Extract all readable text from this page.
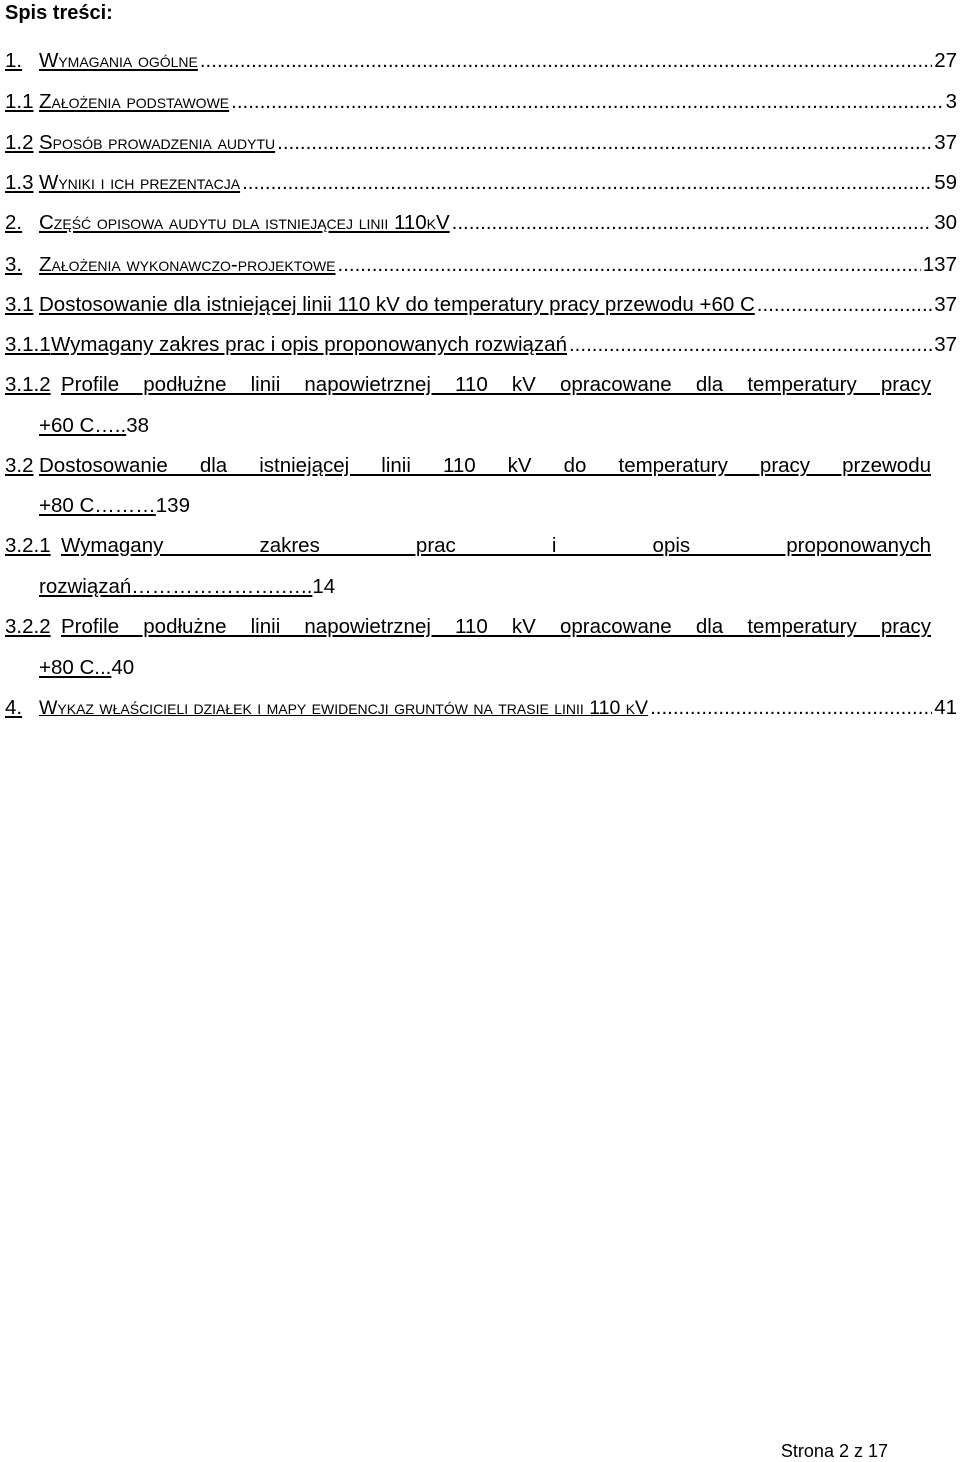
Spis treści:
1. Wymagania ogólne .....	27
1.1 Założenia podstawowe .....	3
1.2 Sposób prowadzenia audytu .....	37
1.3 Wyniki i ich prezentacja .....	59
2. Część opisowa audytu dla istniejącej linii 110kV .....	30
3. Założenia wykonawczo-projektowe .....	137
3.1 Dostosowanie dla istniejącej linii 110 kV do temperatury pracy przewodu +60 C .....	37
3.1.1 Wymagany zakres prac i opis proponowanych rozwiązań .....	37
3.1.2 Profile podłużne linii napowietrznej 110 kV opracowane dla temperatury pracy
+60 C…..38
3.2 Dostosowanie dla istniejącej linii 110 kV do temperatury pracy przewodu
+80 C………139
3.2.1 Wymagany zakres prac i opis proponowanych
rozwiązań………………….…..14
3.2.2 Profile podłużne linii napowietrznej 110 kV opracowane dla temperatury pracy
+80 C...40
4. Wykaz właścicieli działek i mapy ewidencji gruntów na trasie linii 110 kV .....	41
Strona 2 z 17
